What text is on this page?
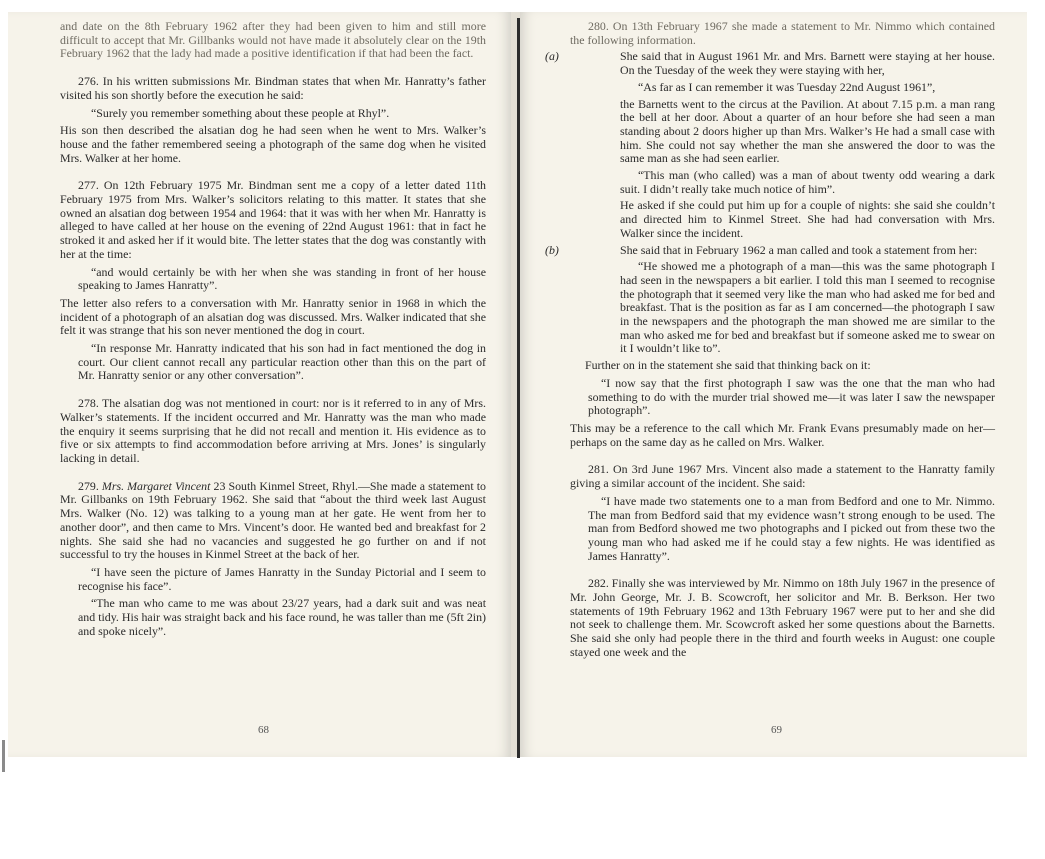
and date on the 8th February 1962 after they had been given to him and still more difficult to accept that Mr. Gillbanks would not have made it absolutely clear on the 19th February 1962 that the lady had made a positive identification if that had been the fact.

276. In his written submissions Mr. Bindman states that when Mr. Hanratty’s father visited his son shortly before the execution he said:

“Surely you remember something about these people at Rhyl”.

His son then described the alsatian dog he had seen when he went to Mrs. Walker’s house and the father remembered seeing a photograph of the same dog when he visited Mrs. Walker at her home.

277. On 12th February 1975 Mr. Bindman sent me a copy of a letter dated 11th February 1975 from Mrs. Walker’s solicitors relating to this matter. It states that she owned an alsatian dog between 1954 and 1964: that it was with her when Mr. Hanratty is alleged to have called at her house on the evening of 22nd August 1961: that in fact he stroked it and asked her if it would bite. The letter states that the dog was constantly with her at the time:

“and would certainly be with her when she was standing in front of her house speaking to James Hanratty”.

The letter also refers to a conversation with Mr. Hanratty senior in 1968 in which the incident of a photograph of an alsatian dog was discussed. Mrs. Walker indicated that she felt it was strange that his son never mentioned the dog in court.

“In response Mr. Hanratty indicated that his son had in fact mentioned the dog in court. Our client cannot recall any particular reaction other than this on the part of Mr. Hanratty senior or any other conversation”.

278. The alsatian dog was not mentioned in court: nor is it referred to in any of Mrs. Walker’s statements. If the incident occurred and Mr. Hanratty was the man who made the enquiry it seems surprising that he did not recall and mention it. His evidence as to five or six attempts to find accommodation before arriving at Mrs. Jones’ is singularly lacking in detail.

279. Mrs. Margaret Vincent 23 South Kinmel Street, Rhyl.—She made a statement to Mr. Gillbanks on 19th February 1962. She said that “about the third week last August Mrs. Walker (No. 12) was talking to a young man at her gate. He went from her to another door”, and then came to Mrs. Vincent’s door. He wanted bed and breakfast for 2 nights. She said she had no vacancies and suggested he go further on and if not successful to try the houses in Kinmel Street at the back of her.

“I have seen the picture of James Hanratty in the Sunday Pictorial and I seem to recognise his face”.

“The man who came to me was about 23/27 years, had a dark suit and was neat and tidy. His hair was straight back and his face round, he was taller than me (5ft 2in) and spoke nicely”.

68

280. On 13th February 1967 she made a statement to Mr. Nimmo which contained the following information.

(a)	She said that in August 1961 Mr. and Mrs. Barnett were staying at her house. On the Tuesday of the week they were staying with her,

“As far as I can remember it was Tuesday 22nd August 1961”,

the Barnetts went to the circus at the Pavilion. At about 7.15 p.m. a man rang the bell at her door. About a quarter of an hour before she had seen a man standing about 2 doors higher up than Mrs. Walker’s He had a small case with him. She could not say whether the man she answered the door to was the same man as she had seen earlier.

“This man (who called) was a man of about twenty odd wearing a dark suit. I didn’t really take much notice of him”.

He asked if she could put him up for a couple of nights: she said she couldn’t and directed him to Kinmel Street. She had had conversation with Mrs. Walker since the incident.

(b)	She said that in February 1962 a man called and took a statement from her:

“He showed me a photograph of a man—this was the same photograph I had seen in the newspapers a bit earlier. I told this man I seemed to recognise the photograph that it seemed very like the man who had asked me for bed and breakfast. That is the position as far as I am concerned—the photograph I saw in the newspapers and the photograph the man showed me are similar to the man who asked me for bed and breakfast but if someone asked me to swear on it I wouldn’t like to”.

Further on in the statement she said that thinking back on it:

“I now say that the first photograph I saw was the one that the man who had something to do with the murder trial showed me—it was later I saw the newspaper photograph”.

This may be a reference to the call which Mr. Frank Evans presumably made on her—perhaps on the same day as he called on Mrs. Walker.

281. On 3rd June 1967 Mrs. Vincent also made a statement to the Hanratty family giving a similar account of the incident. She said:

“I have made two statements one to a man from Bedford and one to Mr. Nimmo. The man from Bedford said that my evidence wasn’t strong enough to be used. The man from Bedford showed me two photographs and I picked out from these two the young man who had asked me if he could stay a few nights. He was identified as James Hanratty”.

282. Finally she was interviewed by Mr. Nimmo on 18th July 1967 in the presence of Mr. John George, Mr. J. B. Scowcroft, her solicitor and Mr. B. Berkson. Her two statements of 19th February 1962 and 13th February 1967 were put to her and she did not seek to challenge them. Mr. Scowcroft asked her some questions about the Barnetts. She said she only had people there in the third and fourth weeks in August: one couple stayed one week and the

69
